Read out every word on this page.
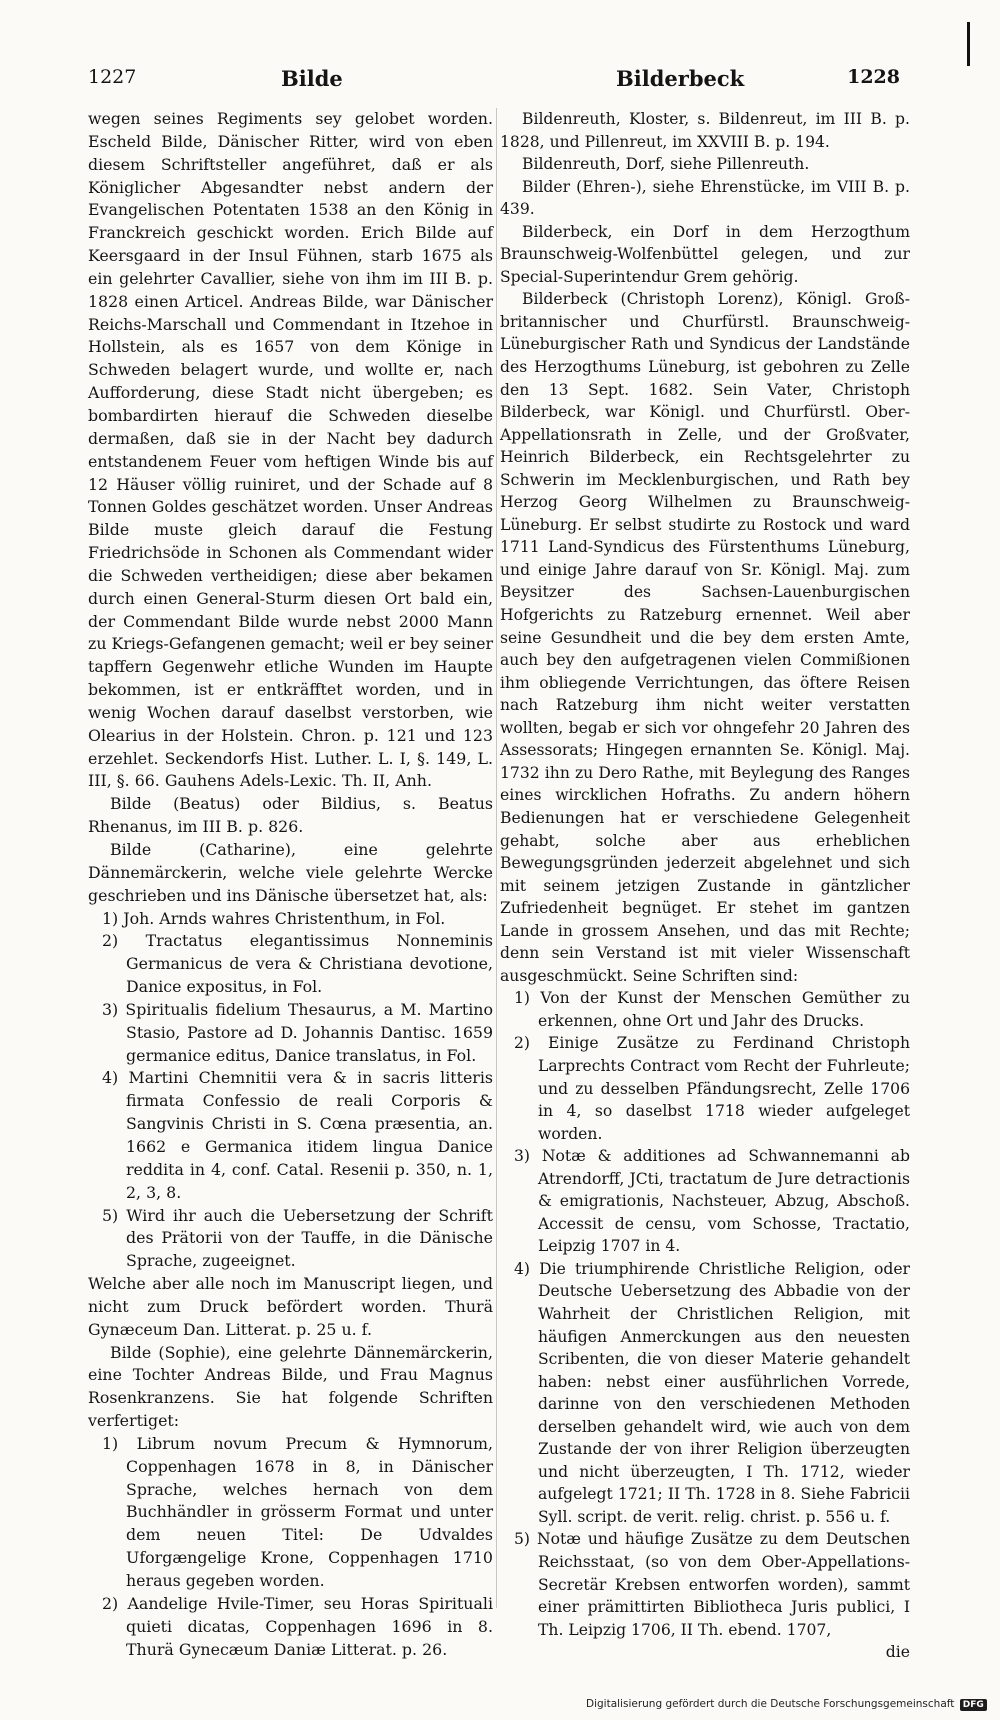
1227	Bilde	Bilderbeck	1228

wegen seines Regiments sey gelobet worden. Escheld Bilde, Dänischer Ritter, wird von eben diesem Schriftsteller angeführet, daß er als Königlicher Abgesandter nebst andern der Evangelischen Potentaten 1538 an den König in Franckreich geschickt worden. Erich Bilde auf Keersgaard in der Insul Fühnen, starb 1675 als ein gelehrter Cavallier, siehe von ihm im III B. p. 1828 einen Articel. Andreas Bilde, war Dänischer Reichs-Marschall und Commendant in Itzehoe in Hollstein, als es 1657 von dem Könige in Schweden belagert wurde, und wollte er, nach Aufforderung, diese Stadt nicht übergeben; es bombardirten hierauf die Schweden dieselbe dermaßen, daß sie in der Nacht bey dadurch entstandenem Feuer vom heftigen Winde bis auf 12 Häuser völlig ruiniret, und der Schade auf 8 Tonnen Goldes geschätzet worden. Unser Andreas Bilde muste gleich darauf die Festung Friedrichsöde in Schonen als Commendant wider die Schweden vertheidigen; diese aber bekamen durch einen General-Sturm diesen Ort bald ein, der Commendant Bilde wurde nebst 2000 Mann zu Kriegs-Gefangenen gemacht; weil er bey seiner tapffern Gegenwehr etliche Wunden im Haupte bekommen, ist er entkräfftet worden, und in wenig Wochen darauf daselbst verstorben, wie Olearius in der Holstein. Chron. p. 121 und 123 erzehlet. Seckendorfs Hist. Luther. L. I, §. 149, L. III, §. 66. Gauhens Adels-Lexic. Th. II, Anh.

Bilde (Beatus) oder Bildius, s. Beatus Rhenanus, im III B. p. 826.

Bilde (Catharine), eine gelehrte Dännemärckerin, welche viele gelehrte Wercke geschrieben und ins Dänische übersetzet hat, als:

1) Joh. Arnds wahres Christenthum, in Fol.

2) Tractatus elegantissimus Nonneminis Germanicus de vera & Christiana devotione, Danice expositus, in Fol.

3) Spiritualis fidelium Thesaurus, a M. Martino Stasio, Pastore ad D. Johannis Dantisc. 1659 germanice editus, Danice translatus, in Fol.

4) Martini Chemnitii vera & in sacris litteris firmata Confessio de reali Corporis & Sangvinis Christi in S. Cœna præsentia, an. 1662 e Germanica itidem lingua Danice reddita in 4, conf. Catal. Resenii p. 350, n. 1, 2, 3, 8.

5) Wird ihr auch die Uebersetzung der Schrift des Prätorii von der Tauffe, in die Dänische Sprache, zugeeignet.

Welche aber alle noch im Manuscript liegen, und nicht zum Druck befördert worden. Thurä Gynæceum Dan. Litterat. p. 25 u. f.

Bilde (Sophie), eine gelehrte Dännemärckerin, eine Tochter Andreas Bilde, und Frau Magnus Rosenkranzens. Sie hat folgende Schriften verfertiget:

1) Librum novum Precum & Hymnorum, Coppenhagen 1678 in 8, in Dänischer Sprache, welches hernach von dem Buchhändler in grösserm Format und unter dem neuen Titel: De Udvaldes Uforgængelige Krone, Coppenhagen 1710 heraus gegeben worden.

2) Aandelige Hvile-Timer, seu Horas Spirituali quieti dicatas, Coppenhagen 1696 in 8. Thurä Gynecæum Daniæ Litterat. p. 26.

Bildenreuth, Kloster, s. Bildenreut, im III B. p. 1828, und Pillenreut, im XXVIII B. p. 194.

Bildenreuth, Dorf, siehe Pillenreuth.

Bilder (Ehren-), siehe Ehrenstücke, im VIII B. p. 439.

Bilderbeck, ein Dorf in dem Herzogthum Braunschweig-Wolfenbüttel gelegen, und zur Special-Superintendur Grem gehörig.

Bilderbeck (Christoph Lorenz), Königl. Groß-britannischer und Churfürstl. Braunschweig-Lüneburgischer Rath und Syndicus der Landstände des Herzogthums Lüneburg, ist gebohren zu Zelle den 13 Sept. 1682. Sein Vater, Christoph Bilderbeck, war Königl. und Churfürstl. Ober-Appellationsrath in Zelle, und der Großvater, Heinrich Bilderbeck, ein Rechtsgelehrter zu Schwerin im Mecklenburgischen, und Rath bey Herzog Georg Wilhelmen zu Braunschweig-Lüneburg. Er selbst studirte zu Rostock und ward 1711 Land-Syndicus des Fürstenthums Lüneburg, und einige Jahre darauf von Sr. Königl. Maj. zum Beysitzer des Sachsen-Lauenburgischen Hofgerichts zu Ratzeburg ernennet. Weil aber seine Gesundheit und die bey dem ersten Amte, auch bey den aufgetragenen vielen Commißionen ihm obliegende Verrichtungen, das öftere Reisen nach Ratzeburg ihm nicht weiter verstatten wollten, begab er sich vor ohngefehr 20 Jahren des Assessorats; Hingegen ernannten Se. Königl. Maj. 1732 ihn zu Dero Rathe, mit Beylegung des Ranges eines wircklichen Hofraths. Zu andern höhern Bedienungen hat er verschiedene Gelegenheit gehabt, solche aber aus erheblichen Bewegungsgründen jederzeit abgelehnet und sich mit seinem jetzigen Zustande in gäntzlicher Zufriedenheit begnüget. Er stehet im gantzen Lande in grossem Ansehen, und das mit Rechte; denn sein Verstand ist mit vieler Wissenschaft ausgeschmückt. Seine Schriften sind:

1) Von der Kunst der Menschen Gemüther zu erkennen, ohne Ort und Jahr des Drucks.

2) Einige Zusätze zu Ferdinand Christoph Larprechts Contract vom Recht der Fuhrleute; und zu desselben Pfändungsrecht, Zelle 1706 in 4, so daselbst 1718 wieder aufgeleget worden.

3) Notæ & additiones ad Schwannemanni ab Atrendorff, JCti, tractatum de Jure detractionis & emigrationis, Nachsteuer, Abzug, Abschoß. Accessit de censu, vom Schosse, Tractatio, Leipzig 1707 in 4.

4) Die triumphirende Christliche Religion, oder Deutsche Uebersetzung des Abbadie von der Wahrheit der Christlichen Religion, mit häufigen Anmerckungen aus den neuesten Scribenten, die von dieser Materie gehandelt haben: nebst einer ausführlichen Vorrede, darinne von den verschiedenen Methoden derselben gehandelt wird, wie auch von dem Zustande der von ihrer Religion überzeugten und nicht überzeugten, I Th. 1712, wieder aufgelegt 1721; II Th. 1728 in 8. Siehe Fabricii Syll. script. de verit. relig. christ. p. 556 u. f.

5) Notæ und häufige Zusätze zu dem Deutschen Reichsstaat, (so von dem Ober-Appellations-Secretär Krebsen entworfen worden), sammt einer prämittirten Bibliotheca Juris publici, I Th. Leipzig 1706, II Th. ebend. 1707,

die

Digitalisierung gefördert durch die Deutsche Forschungsgemeinschaft DFG
